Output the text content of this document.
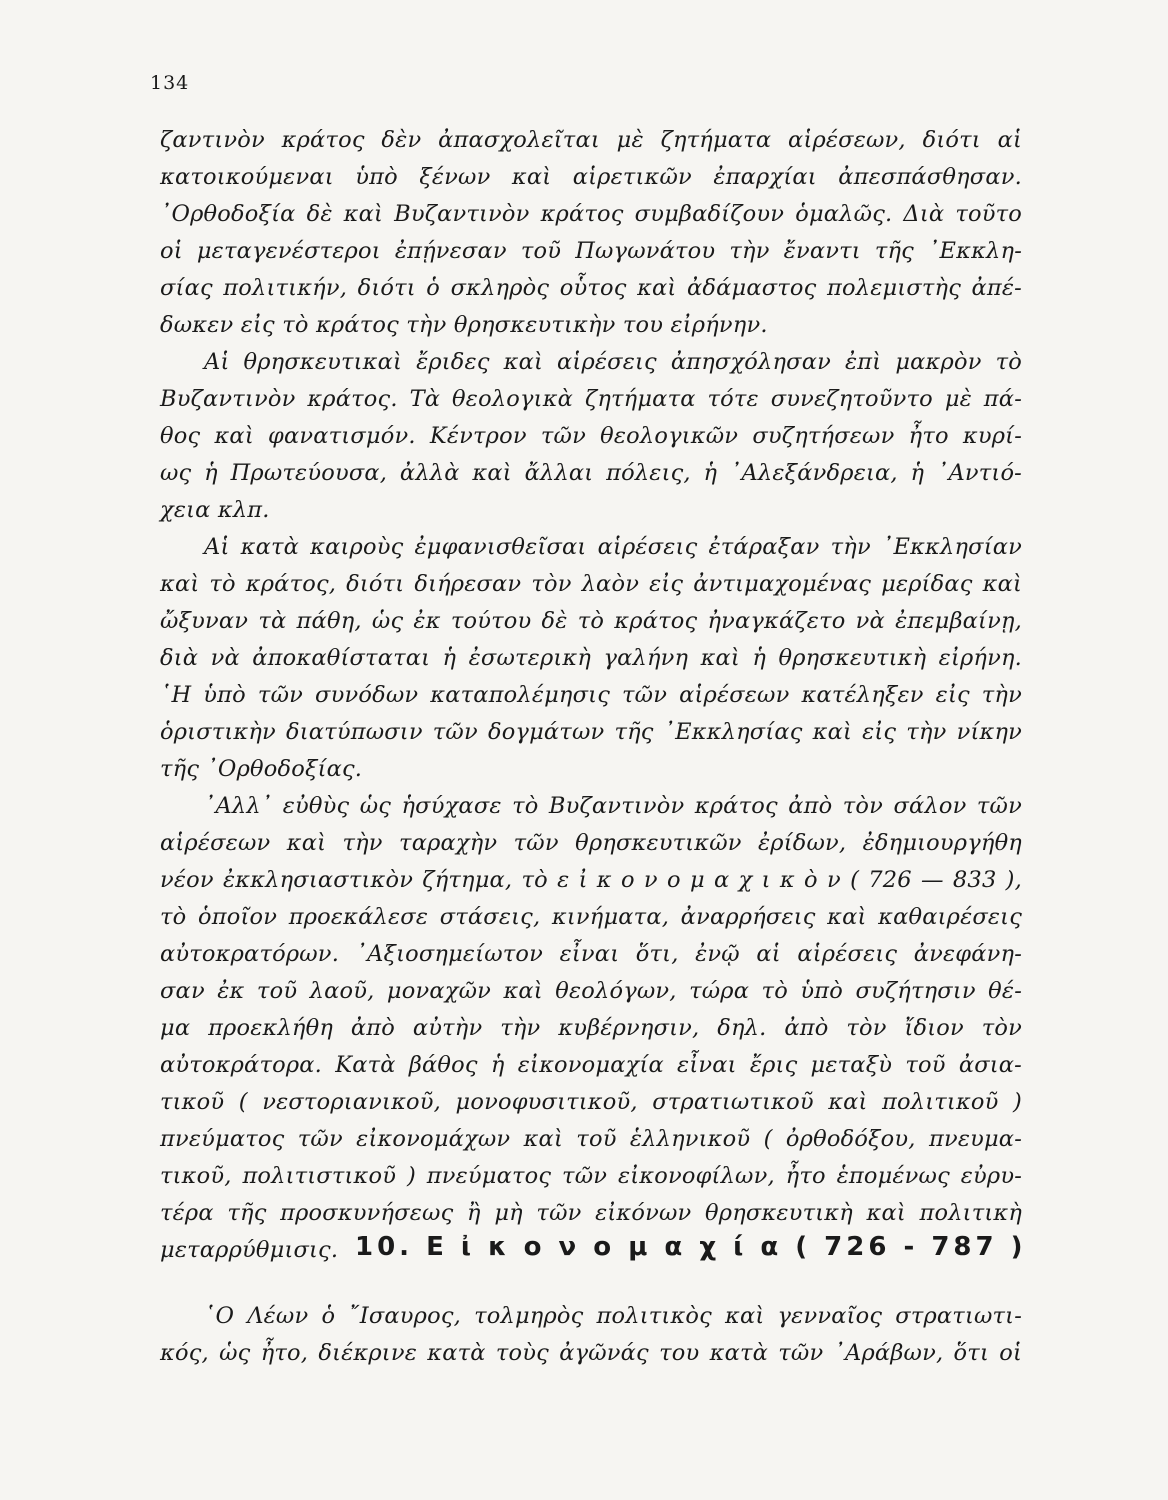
134
ζαντινὸν κράτος δὲν ἀπασχολεῖται μὲ ζητήματα αἱρέσεων, διότι αἱ
κατοικούμεναι ὑπὸ ξένων καὶ αἱρετικῶν ἐπαρχίαι ἀπεσπάσθησαν.
᾿Ορθοδοξία δὲ καὶ Βυζαντινὸν κράτος συμβαδίζουν ὁμαλῶς. Διὰ τοῦτο
οἱ μεταγενέστεροι ἐπῄνεσαν τοῦ Πωγωνάτου τὴν ἔναντι τῆς ᾿Εκκλη-
σίας πολιτικήν, διότι ὁ σκληρὸς οὗτος καὶ ἀδάμαστος πολεμιστὴς ἀπέ-
δωκεν εἰς τὸ κράτος τὴν θρησκευτικὴν του εἰρήνην.
Αἱ θρησκευτικαὶ ἔριδες καὶ αἱρέσεις ἀπησχόλησαν ἐπὶ μακρὸν τὸ
Βυζαντινὸν κράτος. Τὰ θεολογικὰ ζητήματα τότε συνεζητοῦντο μὲ πά-
θος καὶ φανατισμόν. Κέντρον τῶν θεολογικῶν συζητήσεων ἦτο κυρί-
ως ἡ Πρωτεύουσα, ἀλλὰ καὶ ἄλλαι πόλεις, ἡ ᾿Αλεξάνδρεια, ἡ ᾿Αντιό-
χεια κλπ.
Αἱ κατὰ καιροὺς ἐμφανισθεῖσαι αἱρέσεις ἐτάραξαν τὴν ᾿Εκκλησίαν
καὶ τὸ κράτος, διότι διήρεσαν τὸν λαὸν εἰς ἀντιμαχομένας μερίδας καὶ
ὤξυναν τὰ πάθη, ὡς ἐκ τούτου δὲ τὸ κράτος ἠναγκάζετο νὰ ἐπεμβαίνῃ,
διὰ νὰ ἀποκαθίσταται ἡ ἐσωτερικὴ γαλήνη καὶ ἡ θρησκευτικὴ εἰρήνη.
῾Η ὑπὸ τῶν συνόδων καταπολέμησις τῶν αἱρέσεων κατέληξεν εἰς τὴν
ὁριστικὴν διατύπωσιν τῶν δογμάτων τῆς ᾿Εκκλησίας καὶ εἰς τὴν νίκην
τῆς ᾿Ορθοδοξίας.
᾿Αλλ᾿ εὐθὺς ὡς ἡσύχασε τὸ Βυζαντινὸν κράτος ἀπὸ τὸν σάλον τῶν
αἱρέσεων καὶ τὴν ταραχὴν τῶν θρησκευτικῶν ἐρίδων, ἐδημιουργήθη
νέον ἐκκλησιαστικὸν ζήτημα, τὸ ε ἰ κ ο ν ο μ α χ ι κ ὸ ν ( 726 — 833 ),
τὸ ὁποῖον προεκάλεσε στάσεις, κινήματα, ἀναρρήσεις καὶ καθαιρέσεις
αὐτοκρατόρων. ᾿Αξιοσημείωτον εἶναι ὅτι, ἐνῷ αἱ αἱρέσεις ἀνεφάνη-
σαν ἐκ τοῦ λαοῦ, μοναχῶν καὶ θεολόγων, τώρα τὸ ὑπὸ συζήτησιν θέ-
μα προεκλήθη ἀπὸ αὐτὴν τὴν κυβέρνησιν, δηλ. ἀπὸ τὸν ἴδιον τὸν
αὐτοκράτορα. Κατὰ βάθος ἡ εἰκονομαχία εἶναι ἔρις μεταξὺ τοῦ ἀσια-
τικοῦ ( νεστοριανικοῦ, μονοφυσιτικοῦ, στρατιωτικοῦ καὶ πολιτικοῦ )
πνεύματος τῶν εἰκονομάχων καὶ τοῦ ἑλληνικοῦ ( ὀρθοδόξου, πνευμα-
τικοῦ, πολιτιστικοῦ ) πνεύματος τῶν εἰκονοφίλων, ἦτο ἑπομένως εὐρυ-
τέρα τῆς προσκυνήσεως ἢ μὴ τῶν εἰκόνων θρησκευτικὴ καὶ πολιτικὴ
μεταρρύθμισις. 10. Ε ἰ κ ο ν ο μ α χ ί α ( 726 - 787 )
῾Ο Λέων ὁ ῎Ισαυρος, τολμηρὸς πολιτικὸς καὶ γενναῖος στρατιωτι-
κός, ὡς ἦτο, διέκρινε κατὰ τοὺς ἀγῶνάς του κατὰ τῶν ᾿Αράβων, ὅτι οἱ
